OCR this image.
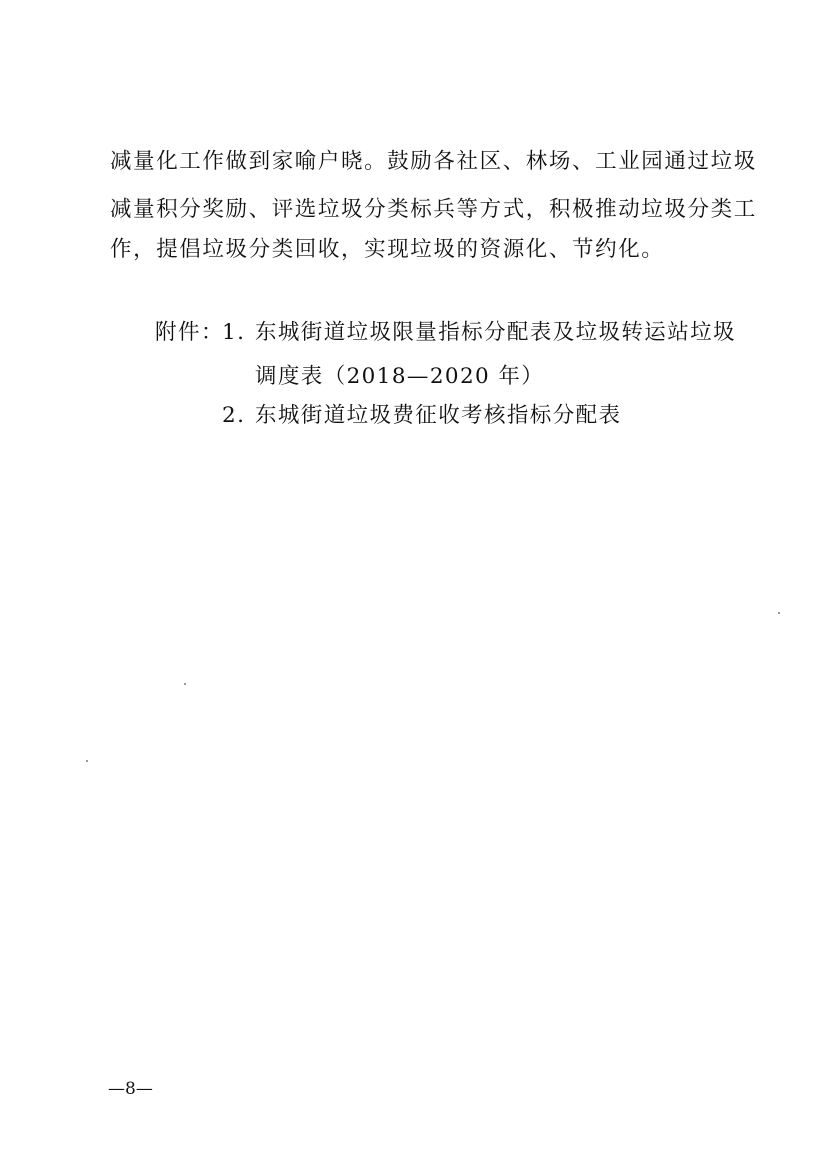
减量化工作做到家喻户晓。鼓励各社区、林场、工业园通过垃圾
减量积分奖励、评选垃圾分类标兵等方式，积极推动垃圾分类工
作，提倡垃圾分类回收，实现垃圾的资源化、节约化。
附件：
1. 东城街道垃圾限量指标分配表及垃圾转运站垃圾
调度表（2018—2020 年）
2. 东城街道垃圾费征收考核指标分配表
—8—
